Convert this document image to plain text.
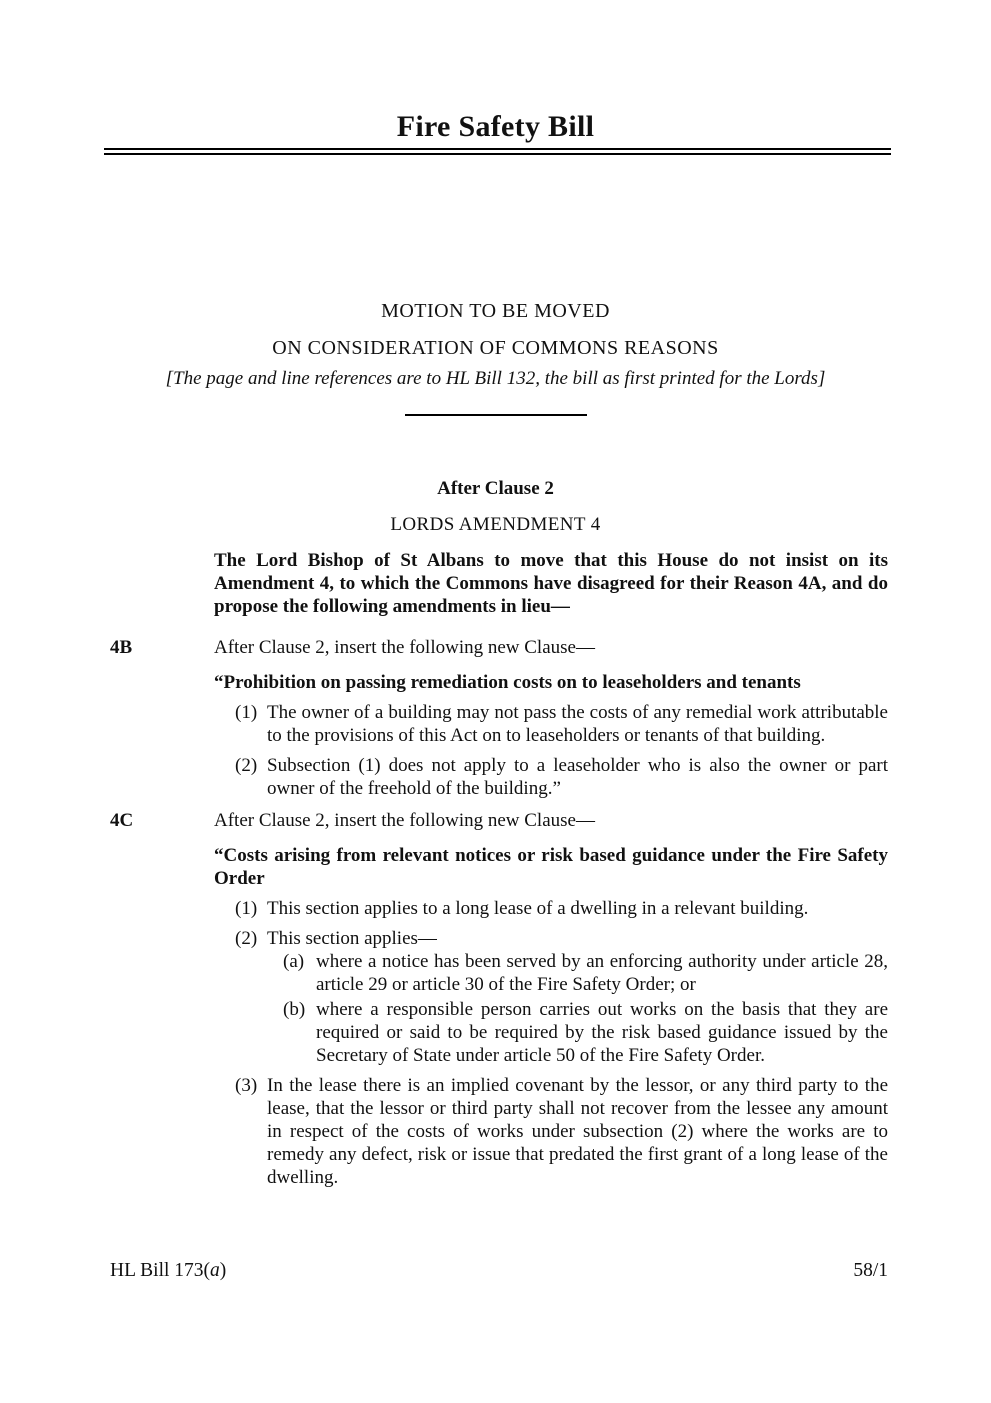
Fire Safety Bill
MOTION TO BE MOVED
ON CONSIDERATION OF COMMONS REASONS
[The page and line references are to HL Bill 132, the bill as first printed for the Lords]
After Clause 2
LORDS AMENDMENT 4

The Lord Bishop of St Albans to move that this House do not insist on its Amendment 4, to which the Commons have disagreed for their Reason 4A, and do propose the following amendments in lieu—

4B	After Clause 2, insert the following new Clause—
“Prohibition on passing remediation costs on to leaseholders and tenants
(1) The owner of a building may not pass the costs of any remedial work attributable to the provisions of this Act on to leaseholders or tenants of that building.
(2) Subsection (1) does not apply to a leaseholder who is also the owner or part owner of the freehold of the building.”
4C	After Clause 2, insert the following new Clause—
“Costs arising from relevant notices or risk based guidance under the Fire Safety Order
(1) This section applies to a long lease of a dwelling in a relevant building.
(2) This section applies—
(a) where a notice has been served by an enforcing authority under article 28, article 29 or article 30 of the Fire Safety Order; or
(b) where a responsible person carries out works on the basis that they are required or said to be required by the risk based guidance issued by the Secretary of State under article 50 of the Fire Safety Order.
(3) In the lease there is an implied covenant by the lessor, or any third party to the lease, that the lessor or third party shall not recover from the lessee any amount in respect of the costs of works under subsection (2) where the works are to remedy any defect, risk or issue that predated the first grant of a long lease of the dwelling.
HL Bill 173(a)	58/1
